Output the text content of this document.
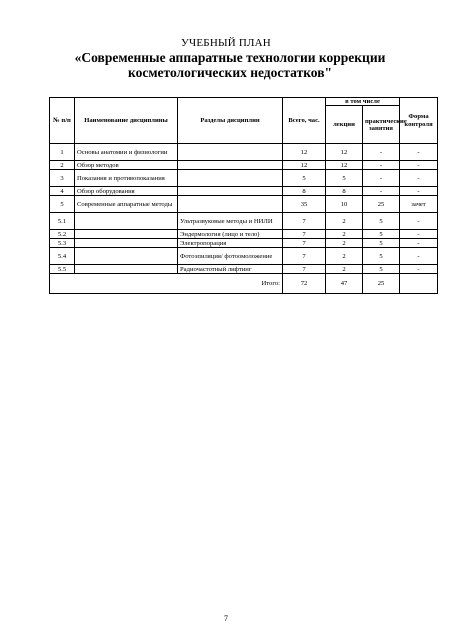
УЧЕБНЫЙ ПЛАН
«Современные аппаратные технологии коррекции косметологических недостатков"
№ п/п	Наименование дисциплины	Разделы дисциплин	Всего, час.	в том числе		Форма контроля
				лекции	практические занятия	
1	Основы анатомии и физиологии		12	12	-	-
2	Обзор методов		12	12	-	-
3	Показания и противопоказания		5	5	-	-
4	Обзор оборудования		8	8	-	-
5	Современные аппаратные методы		35	10	25	зачет
5.1		Ультразвуковые методы и НИЛИ	7	2	5	-
5.2		Эндермология (лицо и тело)	7	2	5	-
5.3		Электропорация	7	2	5	-
5.4		Фотоэпиляция/ фотоомоложение	7	2	5	-
5.5		Радиочастотный лифтинг	7	2	5	-
Итого:			72	47	25	
7
